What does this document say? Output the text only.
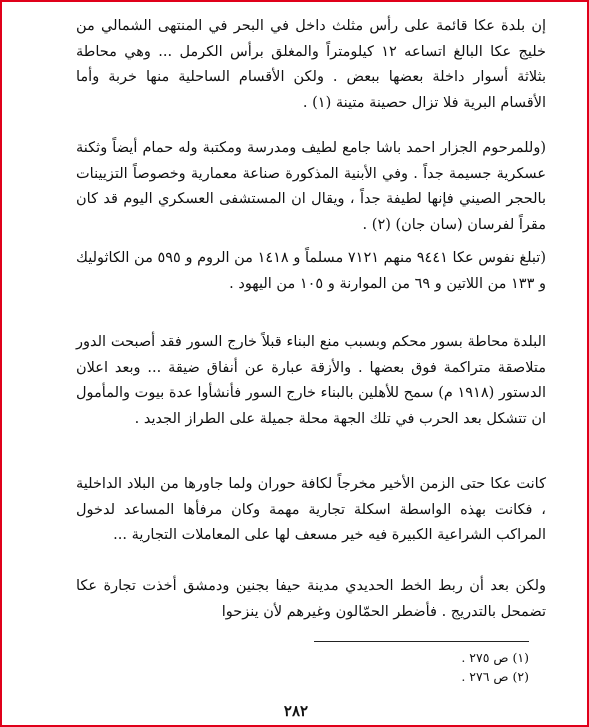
إن بلدة عكا قائمة على رأس مثلث داخل في البحر في المنتهى الشمالي من خليج عكا البالغ اتساعه ١٢ كيلومتراً والمغلق برأس الكرمل ... وهي محاطة بثلاثة أسوار داخلة بعضها ببعض . ولكن الأقسام الساحلية منها خربة وأما الأقسام البرية فلا تزال حصينة متينة (١) .

(وللمرحوم الجزار احمد باشا جامع لطيف ومدرسة ومكتبة وله حمام أيضاً وثكنة عسكرية جسيمة جداً . وفي الأبنية المذكورة صناعة معمارية وخصوصاً التزيينات بالحجر الصيني فإنها لطيفة جداً ، ويقال ان المستشفى العسكري اليوم قد كان مقراً لفرسان (سان جان) (٢) .

(تبلغ نفوس عكا ٩٤٤١ منهم ٧١٢١ مسلماً و ١٤١٨ من الروم و ٥٩٥ من الكاثوليك و ١٣٣ من اللاتين و ٦٩ من الموارنة و ١٠٥ من اليهود .

البلدة محاطة بسور محكم وبسبب منع البناء قبلاً خارج السور فقد أصبحت الدور متلاصقة متراكمة فوق بعضها . والأزقة عبارة عن أنفاق ضيقة ... وبعد اعلان الدستور (١٩١٨ م) سمح للأهلين بالبناء خارج السور فأنشأوا عدة بيوت والمأمول ان تتشكل بعد الحرب في تلك الجهة محلة جميلة على الطراز الجديد .

كانت عكا حتى الزمن الأخير مخرجاً لكافة حوران ولما جاورها من البلاد الداخلية ، فكانت بهذه الواسطة اسكلة تجارية مهمة وكان مرفأها المساعد لدخول المراكب الشراعية الكبيرة فيه خير مسعف لها على المعاملات التجارية ...

ولكن بعد أن ربط الخط الحديدي مدينة حيفا بجنين ودمشق أخذت تجارة عكا تضمحل بالتدريج . فأضطر الحمّالون وغيرهم لأن ينزحوا

(١) ص ٢٧٥ .
(٢) ص ٢٧٦ .
٢٨٢
